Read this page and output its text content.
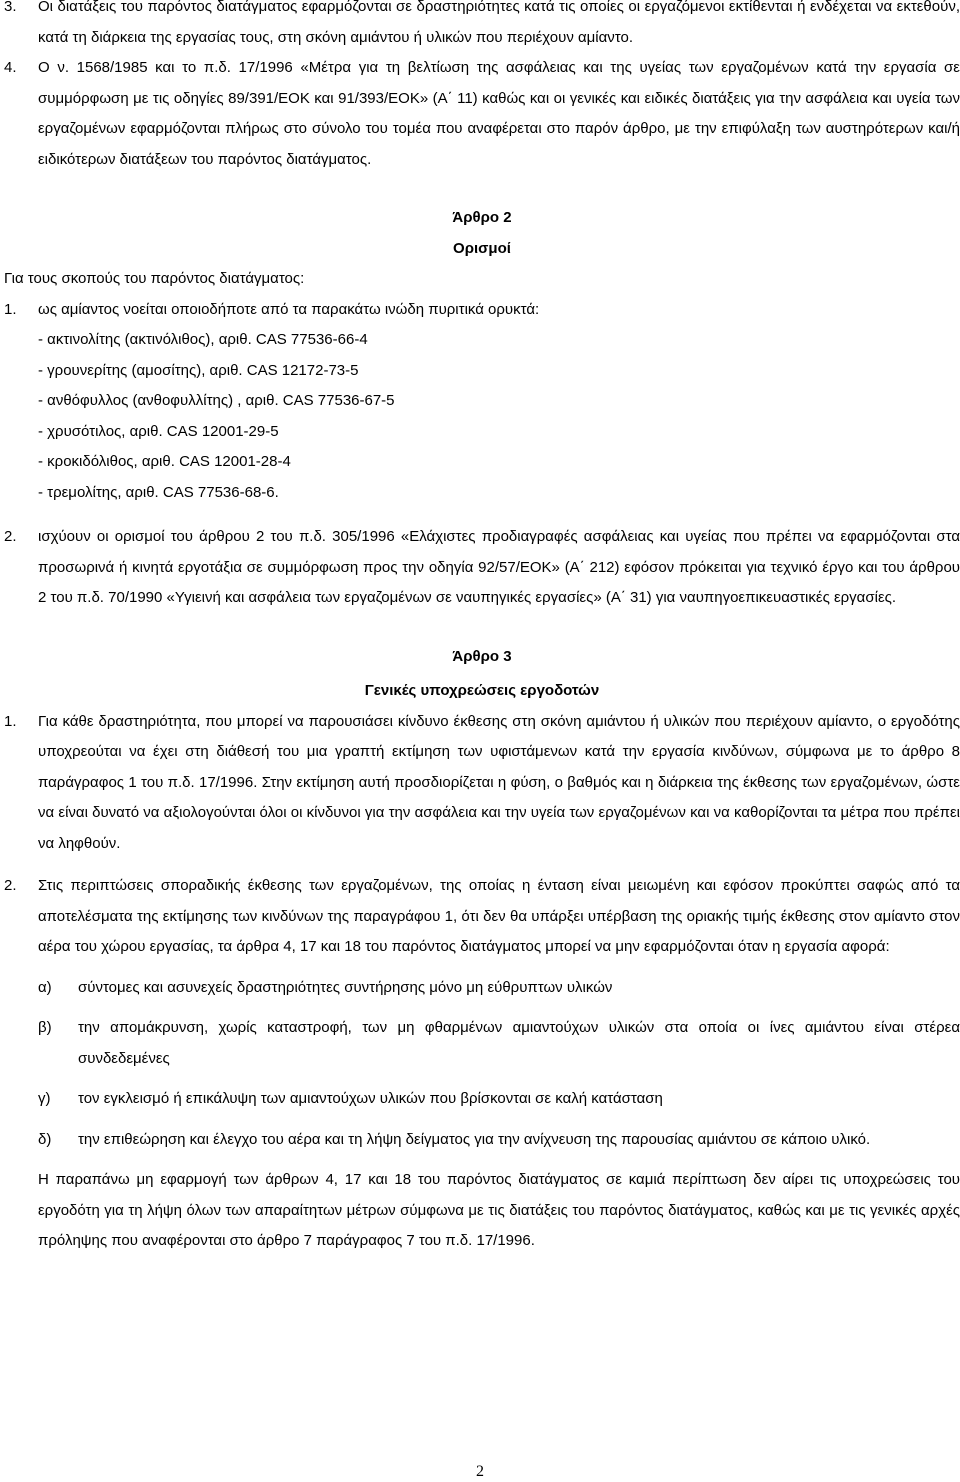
3. Οι διατάξεις του παρόντος διατάγματος εφαρμόζονται σε δραστηριότητες κατά τις οποίες οι εργαζόμενοι εκτίθενται ή ενδέχεται να εκτεθούν, κατά τη διάρκεια της εργασίας τους, στη σκόνη αμιάντου ή υλικών που περιέχουν αμίαντο.
4. Ο ν. 1568/1985 και το π.δ. 17/1996 «Μέτρα για τη βελτίωση της ασφάλειας και της υγείας των εργαζομένων κατά την εργασία σε συμμόρφωση με τις οδηγίες 89/391/ΕΟΚ και 91/393/ΕΟΚ» (Α΄ 11) καθώς και οι γενικές και ειδικές διατάξεις για την ασφάλεια και υγεία των εργαζομένων εφαρμόζονται πλήρως στο σύνολο του τομέα που αναφέρεται στο παρόν άρθρο, με την επιφύλαξη των αυστηρότερων και/ή ειδικότερων διατάξεων του παρόντος διατάγματος.
Άρθρο 2
Ορισμοί
Για τους σκοπούς του παρόντος διατάγματος:
1. ως αμίαντος νοείται οποιοδήποτε από τα παρακάτω ινώδη πυριτικά ορυκτά:
- ακτινολίτης (ακτινόλιθος), αριθ. CAS 77536-66-4
- γρουνερίτης (αμοσίτης), αριθ. CAS 12172-73-5
- ανθόφυλλος (ανθοφυλλίτης) , αριθ. CAS 77536-67-5
- χρυσότιλος, αριθ. CAS 12001-29-5
- κροκιδόλιθος, αριθ. CAS 12001-28-4
- τρεμολίτης, αριθ. CAS 77536-68-6.
2. ισχύουν οι ορισμοί του άρθρου 2 του π.δ. 305/1996 «Ελάχιστες προδιαγραφές ασφάλειας και υγείας που πρέπει να εφαρμόζονται στα προσωρινά ή κινητά εργοτάξια σε συμμόρφωση προς την οδηγία 92/57/ΕΟΚ» (Α΄ 212) εφόσον πρόκειται για τεχνικό έργο και του άρθρου 2 του π.δ. 70/1990 «Υγιεινή και ασφάλεια των εργαζομένων σε ναυπηγικές εργασίες» (Α΄ 31) για ναυπηγοεπικευαστικές εργασίες.
Άρθρο 3
Γενικές υποχρεώσεις εργοδοτών
1. Για κάθε δραστηριότητα, που μπορεί να παρουσιάσει κίνδυνο έκθεσης στη σκόνη αμιάντου ή υλικών που περιέχουν αμίαντο, ο εργοδότης υποχρεούται να έχει στη διάθεσή του μια γραπτή εκτίμηση των υφιστάμενων κατά την εργασία κινδύνων, σύμφωνα με το άρθρο 8 παράγραφος 1 του π.δ. 17/1996. Στην εκτίμηση αυτή προσδιορίζεται η φύση, ο βαθμός και η διάρκεια της έκθεσης των εργαζομένων, ώστε να είναι δυνατό να αξιολογούνται όλοι οι κίνδυνοι για την ασφάλεια και την υγεία των εργαζομένων και να καθορίζονται τα μέτρα που πρέπει να ληφθούν.
2. Στις περιπτώσεις σποραδικής έκθεσης των εργαζομένων, της οποίας η ένταση είναι μειωμένη και εφόσον προκύπτει σαφώς από τα αποτελέσματα της εκτίμησης των κινδύνων της παραγράφου 1, ότι δεν θα υπάρξει υπέρβαση της οριακής τιμής έκθεσης στον αμίαντο στον αέρα του χώρου εργασίας, τα άρθρα 4, 17 και 18 του παρόντος διατάγματος μπορεί να μην εφαρμόζονται όταν η εργασία αφορά:
α) σύντομες και ασυνεχείς δραστηριότητες συντήρησης μόνο μη εύθρυπτων υλικών
β) την απομάκρυνση, χωρίς καταστροφή, των μη φθαρμένων αμιαντούχων υλικών στα οποία οι ίνες αμιάντου είναι στέρεα συνδεδεμένες
γ) τον εγκλεισμό ή επικάλυψη των αμιαντούχων υλικών που βρίσκονται σε καλή κατάσταση
δ) την επιθεώρηση και έλεγχο του αέρα και τη λήψη δείγματος για την ανίχνευση της παρουσίας αμιάντου σε κάποιο υλικό.
Η παραπάνω μη εφαρμογή των άρθρων 4, 17 και 18 του παρόντος διατάγματος σε καμιά περίπτωση δεν αίρει τις υποχρεώσεις του εργοδότη για τη λήψη όλων των απαραίτητων μέτρων σύμφωνα με τις διατάξεις του παρόντος διατάγματος, καθώς και με τις γενικές αρχές πρόληψης που αναφέρονται στο άρθρο 7 παράγραφος 7 του π.δ. 17/1996.
2
